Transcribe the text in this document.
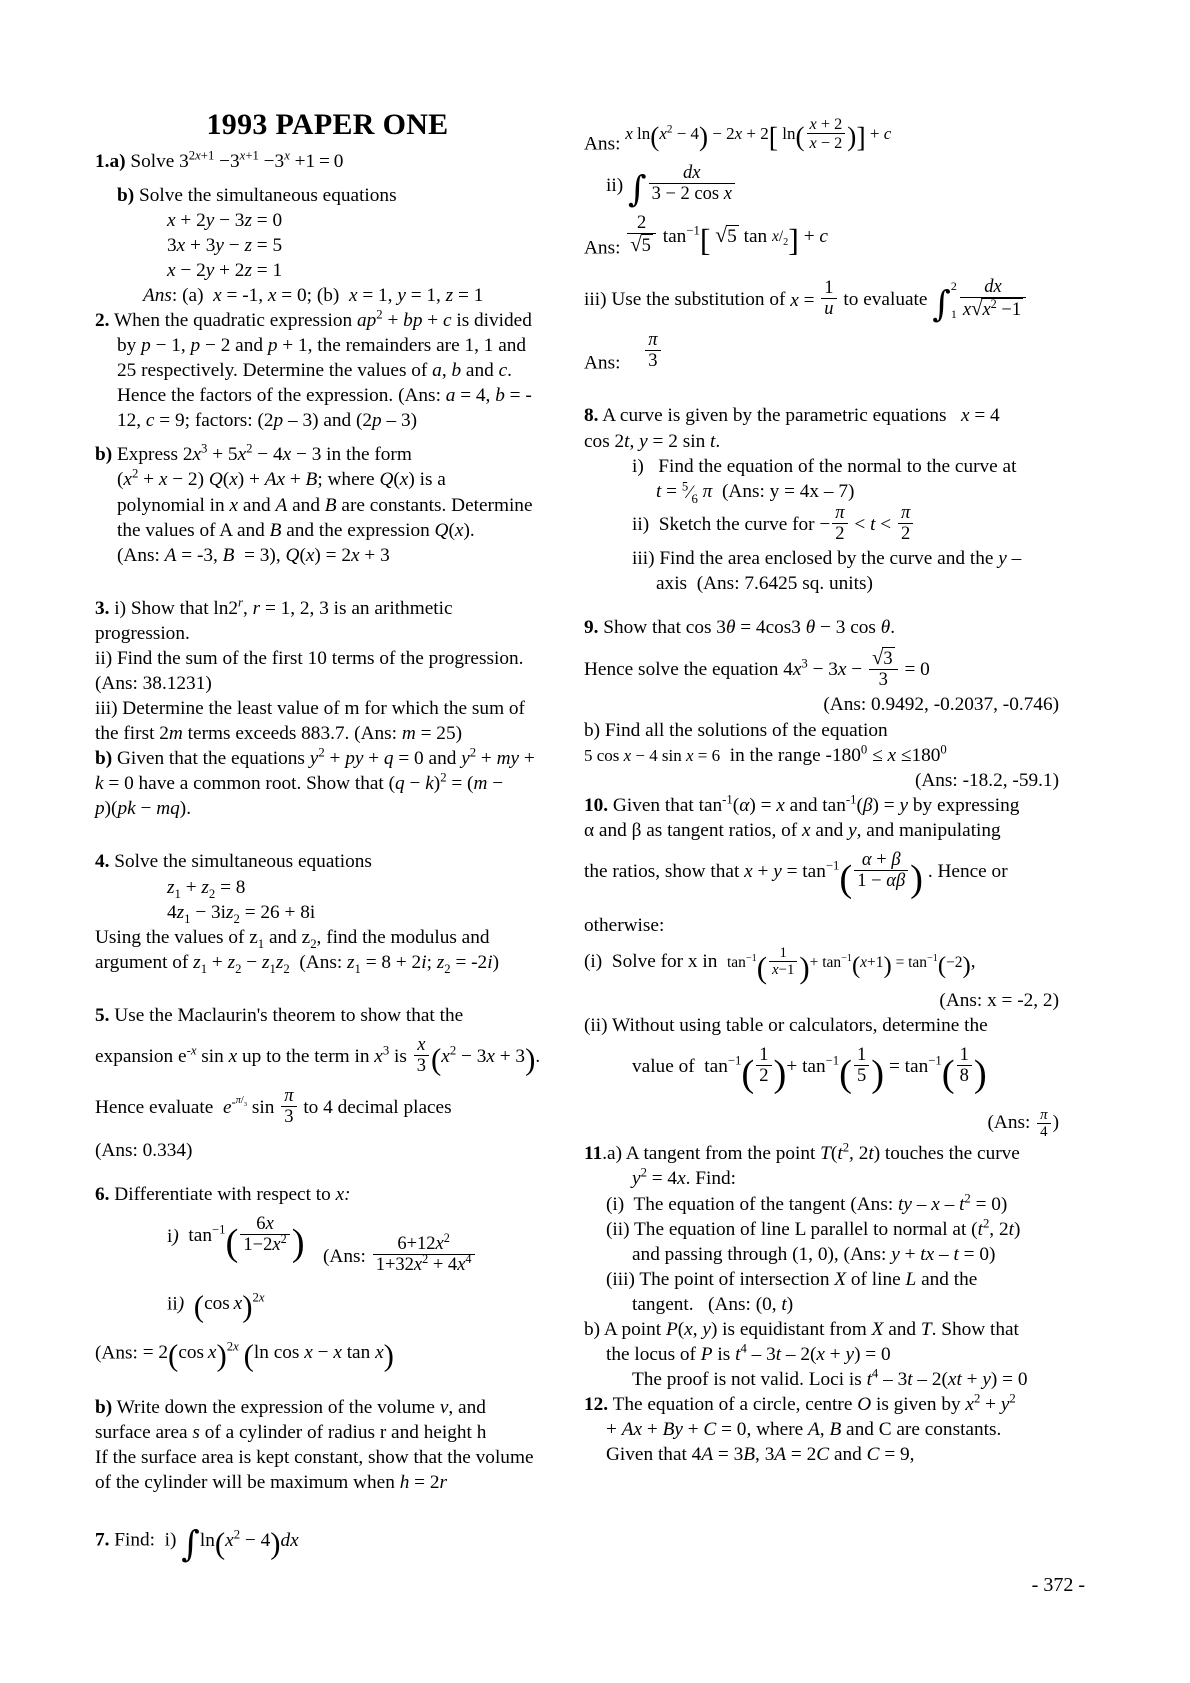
1993 PAPER ONE
1.a) Solve $3^{2x+1} -3^{x+1} -3^x +1 = 0$
b) Solve the simultaneous equations
x + 2y − 3z = 0
3x + 3y − z = 5
x − 2y + 2z = 1
Ans: (a)  x = -1, x = 0; (b)  x = 1, y = 1, z = 1
2. When the quadratic expression $ap^2$ + bp + c is divided
by p − 1, p − 2 and p + 1, the remainders are 1, 1 and
25 respectively. Determine the values of a, b and c.
Hence the factors of the expression. (Ans: a = 4, b = -
12, c = 9; factors: (2p – 3) and (2p – 3)
b) Express $2x^3 + 5x^2 - 4x - 3$ in the form
$(x^2 + x - 2) Q(x) + Ax + B$; where Q(x) is a
polynomial in x and A and B are constants. Determine
the values of A and B and the expression Q(x).
(Ans: A = -3, B  = 3), Q(x) = 2x + 3
3. i) Show that ln2$^r$, r = 1, 2, 3 is an arithmetic
progression.
ii) Find the sum of the first 10 terms of the progression.
(Ans: 38.1231)
iii) Determine the least value of m for which the sum of
the first 2m terms exceeds 883.7. (Ans: m = 25)
b) Given that the equations $y^2$ + py + q = 0 and $y^2$ + my +
k = 0 have a common root. Show that $(q - k)^2 = (m$ −
p)(pk − mq).
4. Solve the simultaneous equations
$z_1 + z_2 = 8$
$4z_1 - 3iz_2 = 26 + 8i$
Using the values of $z_1$ and $z_2$, find the modulus and
argument of $z_1 + z_2 - z_1z_2$  (Ans: $z_1 = 8 + 2i$; $z_2 = -2i$)
5. Use the Maclaurin's theorem to show that the
expansion $e^{-x}$ sin x up to the term in $x^3$ is $\frac{x}{3} (x^2 - 3x + 3)$.
Hence evaluate  $e^{-\pi/_3}$ $\sin \frac{\pi}{3}$ to 4 decimal places
(Ans: 0.334)
6. Differentiate with respect to x:
i) $\tan^{-1}( \frac{6x}{1-2x^2}$ ) (Ans: $\frac{6+12x^2}{1+32x^2 + 4x^4}$
ii) (cos x)$^{2x}$
(Ans: = 2(cos x)$^{2x}$ (ln cos x − x tan x)
b) Write down the expression of the volume v, and
surface area s of a cylinder of radius r and height h
If the surface area is kept constant, show that the volume
of the cylinder will be maximum when h = 2r
7. Find:  i) $\int\ln(x^2 - 4)dx$
Ans: x $\ln(x^2 - 4) - 2x + 2$[ $\ln( \frac{x + 2}{x - 2}$ )] + c
ii) ∫ $\frac{dx}{\text{3 − 2 cos x}}$
Ans: $\frac{2}{√5} \tan^{-1}$[ √5 $\tan x/_2] + c$
iii) Use the substitution of $x = \frac{1}{u}$ to evaluate ∫ 2
$1 \frac{dx}{x√x^2 -1}$
Ans: $\frac{\pi}{3}$
8. A curve is given by the parametric equations   x = 4
cos 2t, y = 2 sin t.
i) Find the equation of the normal to the curve at
$t = ^5⁄_6$ π (Ans: y = 4x – 7)
ii) Sketch the curve for − $\frac{\pi}{2} < t < \frac{\pi}{2}$
iii) Find the area enclosed by the curve and the y –
axis  (Ans: 7.6425 sq. units)
9. Show that cos 3θ = 4cos3 θ − 3 cos θ.
Hence solve the equation $4x^3 - 3x - \frac{√3}{3} = 0$
(Ans: 0.9492, -0.2037, -0.746)
b) Find all the solutions of the equation
5 cos x − 4 sin x = 6  in the range $-180^0 \le x \le 180^0$
(Ans: -18.2, -59.1)
10. Given that $\tan^{-1}(\alpha) = x$ and $\tan^{-1}(\beta) = y$ by expressing
α and β as tangent ratios, of x and y, and manipulating
the ratios, show that $x + y = \tan^{-1}( \frac{\alpha + \beta}{1 - \alpha\beta}$ ) . Hence or
otherwise:
(i) Solve for x in $\tan^{-1}( \frac{1}{x-1}$ )+ $\tan^{-1}(x+1) = \tan^{-1}(-2)$,
(Ans: x = -2, 2)
(ii) Without using table or calculators, determine the
value of $\tan^{-1}( \frac{1}{2}$ )+ $\tan^{-1}( \frac{1}{5}$ ) = $\tan^{-1}( \frac{1}{8}$ )
(Ans: $\frac{\pi}{4}$ )
11.a) A tangent from the point $T(t^2$, 2t) touches the curve
$y^2 = 4x$. Find:
(i)  The equation of the tangent (Ans: ty – $x - t^2 = 0$)
(ii) The equation of line L parallel to normal at ($t^2$, 2t)
and passing through (1, 0), (Ans: y + tx – t = 0)
(iii) The point of intersection X of line L and the
tangent.   (Ans: (0, t)
b) A point P(x, y) is equidistant from X and T. Show that
the locus of P is $t^4 - 3t - 2(x + y) = 0$
The proof is not valid. Loci is $t^4 - 3t - 2(xt + y) = 0$
12. The equation of a circle, centre O is given by $x^2 + y^2$
+ Ax + By + C = 0, where A, B and C are constants.
Given that 4A = 3B, 3A = 2C and C = 9,
- 372 -
